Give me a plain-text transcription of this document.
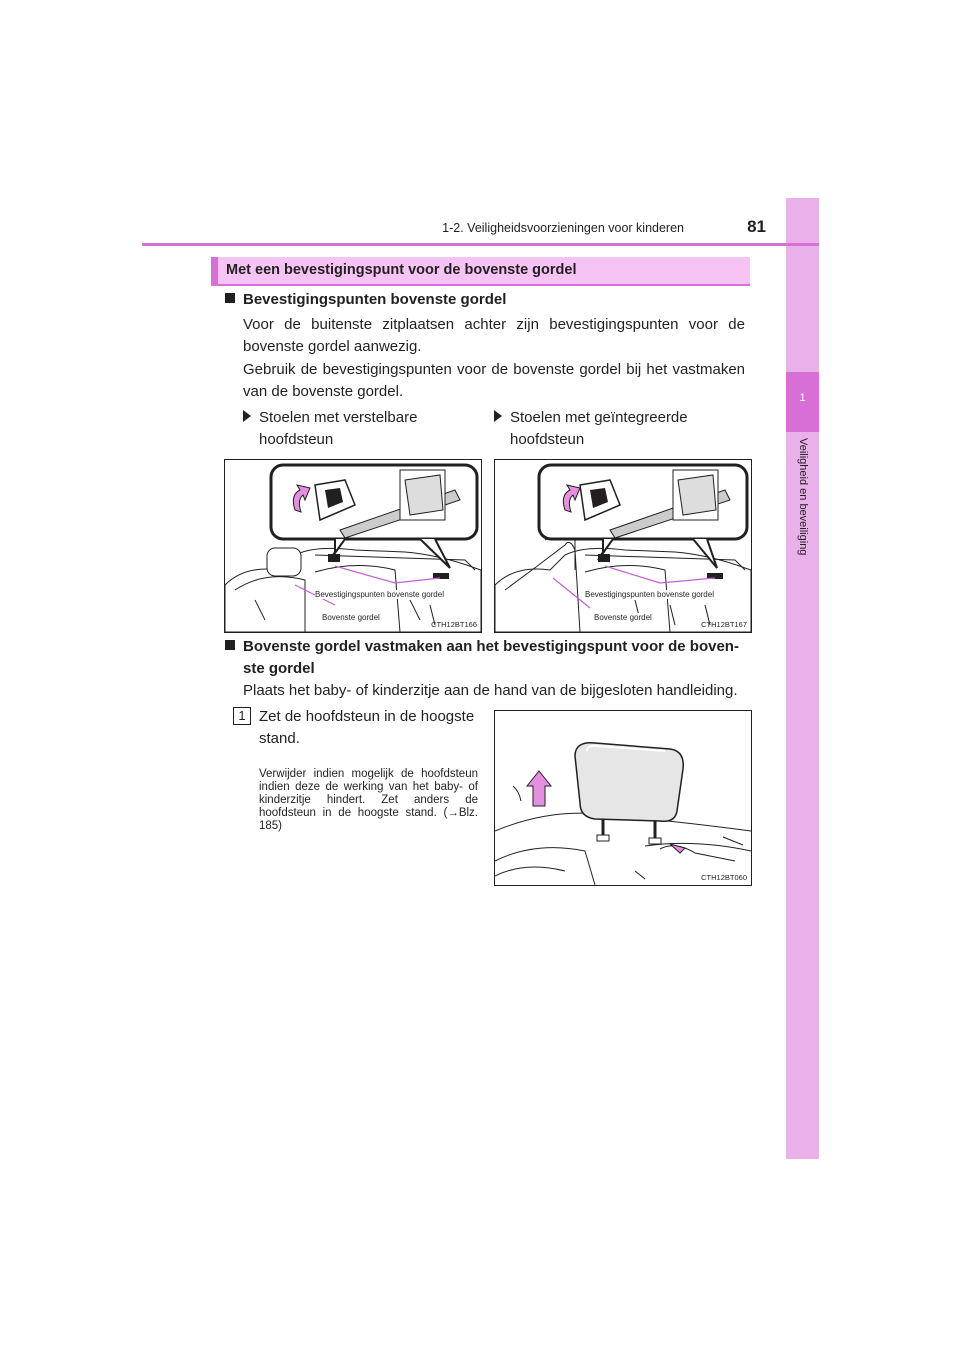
1
Veiligheid en beveiliging
1-2. Veiligheidsvoorzieningen voor kinderen	81
Met een bevestigingspunt voor de bovenste gordel
Bevestigingspunten bovenste gordel
Voor de buitenste zitplaatsen achter zijn bevestigingspunten voor de bovenste gordel aanwezig.
Gebruik de bevestigingspunten voor de bovenste gordel bij het vastmaken van de bovenste gordel.
Stoelen met verstelbare
hoofdsteun
Stoelen met geïntegreerde
hoofdsteun
Bevestigingspunten bovenste gordel
Bovenste gordel
CTH12BT166
Bevestigingspunten bovenste gordel
Bovenste gordel
CTH12BT167
Bovenste gordel vastmaken aan het bevestigingspunt voor de boven-
ste gordel
Plaats het baby- of kinderzitje aan de hand van de bijgesloten handleiding.
1 Zet de hoofdsteun in de hoogste stand.
Verwijder indien mogelijk de hoofdsteun indien deze de werking van het baby- of kinderzitje hindert. Zet anders de hoofdsteun in de hoogste stand. (→Blz. 185)
CTH12BT060
